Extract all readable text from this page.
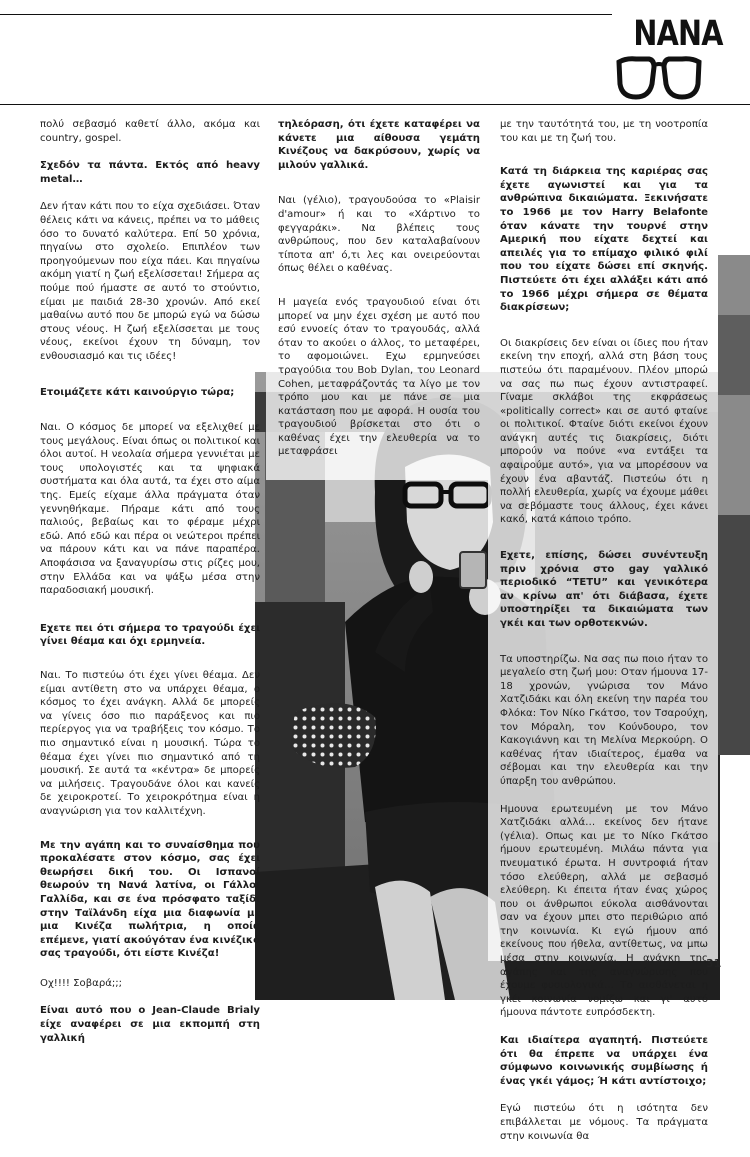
NANA

πολύ σεβασμό καθετί άλλο, ακόμα και country, gospel.

Σχεδόν τα πάντα. Εκτός από heavy metal…

Δεν ήταν κάτι που το είχα σχεδιάσει. Όταν θέλεις κάτι να κάνεις, πρέπει να το μάθεις όσο το δυνατό καλύτερα. Επί 50 χρόνια, πηγαίνω στο σχολείο. Επιπλέον των προηγούμενων που είχα πάει. Και πηγαίνω ακόμη γιατί η ζωή εξελίσσεται! Σήμερα ας πούμε πού ήμαστε σε αυτό το στούντιο, είμαι με παιδιά 28-30 χρονών. Από εκεί μαθαίνω αυτό που δε μπορώ εγώ να δώσω στους νέους. Η ζωή εξελίσσεται με τους νέους, εκείνοι έχουν τη δύναμη, τον ενθουσιασμό και τις ιδέες!

Ετοιμάζετε κάτι καινούργιο τώρα;

Ναι. Ο κόσμος δε μπορεί να εξελιχθεί με τους μεγάλους. Είναι όπως οι πολιτικοί και όλοι αυτοί. Η νεολαία σήμερα γεννιέται με τους υπολογιστές και τα ψηφιακά συστήματα και όλα αυτά, τα έχει στο αίμα της. Εμείς είχαμε άλλα πράγματα όταν γεννηθήκαμε. Πήραμε κάτι από τους παλιούς, βεβαίως και το φέραμε μέχρι εδώ. Από εδώ και πέρα οι νεώτεροι πρέπει να πάρουν κάτι και να πάνε παραπέρα. Αποφάσισα να ξαναγυρίσω στις ρίζες μου, στην Ελλάδα και να ψάξω μέσα στην παραδοσιακή μουσική.

Εχετε πει ότι σήμερα το τραγούδι έχει γίνει θέαμα και όχι ερμηνεία.

Ναι. Το πιστεύω ότι έχει γίνει θέαμα. Δεν είμαι αντίθετη στο να υπάρχει θέαμα, ο κόσμος το έχει ανάγκη. Αλλά δε μπορείς να γίνεις όσο πιο παράξενος και πιο περίεργος για να τραβήξεις τον κόσμο. Το πιο σημαντικό είναι η μουσική. Τώρα το θέαμα έχει γίνει πιο σημαντικό από τη μουσική. Σε αυτά τα «κέντρα» δε μπορείς να μιλήσεις. Τραγουδάνε όλοι και κανείς δε χειροκροτεί. Το χειροκρότημα είναι η αναγνώριση για τον καλλιτέχνη.

Με την αγάπη και το συναίσθημα που προκαλέσατε στον κόσμο, σας έχει θεωρήσει δική του. Οι Ισπανοί θεωρούν τη Νανά λατίνα, οι Γάλλοι Γαλλίδα, και σε ένα πρόσφατο ταξίδι στην Ταϊλάνδη είχα μια διαφωνία με μια Κινέζα πωλήτρια, η οποία επέμενε, γιατί ακούγόταν ένα κινέζικό σας τραγούδι, ότι είστε Κινέζα!

Οχ!!!! Σοβαρά;;;

Είναι αυτό που ο Jean-Claude Brialy είχε αναφέρει σε μια εκπομπή στη γαλλική

τηλεόραση, ότι έχετε καταφέρει να κάνετε μια αίθουσα γεμάτη Κινέζους να δακρύσουν, χωρίς να μιλούν γαλλικά.

Ναι (γέλιο), τραγουδούσα το «Plaisir d'amour» ή και το «Χάρτινο το φεγγαράκι». Να βλέπεις τους ανθρώπους, που δεν καταλαβαίνουν τίποτα απ' ό,τι λες και ονειρεύονται όπως θέλει ο καθένας.

Η μαγεία ενός τραγουδιού είναι ότι μπορεί να μην έχει σχέση με αυτό που εσύ εννοείς όταν το τραγουδάς, αλλά όταν το ακούει ο άλλος, το μεταφέρει, το αφομοιώνει. Εχω ερμηνεύσει τραγούδια του Bob Dylan, του Leonard Cohen, μεταφράζοντάς τα λίγο με τον τρόπο μου και με πάνε σε μια κατάσταση που με αφορά. Η ουσία του τραγουδιού βρίσκεται στο ότι ο καθένας έχει την ελευθερία να το μεταφράσει

με την ταυτότητά του, με τη νοοτροπία του και με τη ζωή του.

Κατά τη διάρκεια της καριέρας σας έχετε αγωνιστεί και για τα ανθρώπινα δικαιώματα. Ξεκινήσατε το 1966 με τον Harry Belafonte όταν κάνατε την τουρνέ στην Αμερική που είχατε δεχτεί και απειλές για το επίμαχο φιλικό φιλί που του είχατε δώσει επί σκηνής. Πιστεύετε ότι έχει αλλάξει κάτι από το 1966 μέχρι σήμερα σε θέματα διακρίσεων;

Οι διακρίσεις δεν είναι οι ίδιες που ήταν εκείνη την εποχή, αλλά στη βάση τους πιστεύω ότι παραμένουν. Πλέον μπορώ να σας πω πως έχουν αντιστραφεί. Γίναμε σκλάβοι της εκφράσεως «politically correct» και σε αυτό φταίνε οι πολιτικοί. Φταίνε διότι εκείνοι έχουν ανάγκη αυτές τις διακρίσεις, διότι μπορούν να πούνε «να εντάξει τα αφαιρούμε αυτό», για να μπορέσουν να έχουν ένα αβαντάζ. Πιστεύω ότι η πολλή ελευθερία, χωρίς να έχουμε μάθει να σεβόμαστε τους άλλους, έχει κάνει κακό, κατά κάποιο τρόπο.

Εχετε, επίσης, δώσει συνέντευξη πριν χρόνια στο gay γαλλικό περιοδικό “TETU” και γενικότερα αν κρίνω απ' ότι διάβασα, έχετε υποστηρίξει τα δικαιώματα των γκέι και των ορθοτεκνών.

Τα υποστηρίζω. Να σας πω ποιο ήταν το μεγαλείο στη ζωή μου: Οταν ήμουνα 17-18 χρονών, γνώρισα τον Μάνο Χατζιδάκι και όλη εκείνη την παρέα του Φλόκα: Τον Νίκο Γκάτσο, τον Τσαρούχη, τον Μόραλη, τον Κούνδουρο, τον Κακογιάννη και τη Μελίνα Μερκούρη. Ο καθένας ήταν ιδιαίτερος, έμαθα να σέβομαι και την ελευθερία και την ύπαρξη του ανθρώπου.

Ημουνα ερωτευμένη με τον Μάνο Χατζιδάκι αλλά… εκείνος δεν ήτανε (γέλια). Οπως και με το Νίκο Γκάτσο ήμουν ερωτευμένη. Μιλάω πάντα για πνευματικό έρωτα. Η συντροφιά ήταν τόσο ελεύθερη, αλλά με σεβασμό ελεύθερη. Κι έπειτα ήταν ένας χώρος που οι άνθρωποι εύκολα αισθάνονται σαν να έχουν μπει στο περιθώριο από την κοινωνία. Κι εγώ ήμουν από εκείνους που ήθελα, αντίθετως, να μπω μέσα στην κοινωνία. Η ανάγκη της αγάπης και της αναγνώρισης που έχουμε φυσιολογικά… Το αισθάνεται η γκέι κοινωνία νομίζω και γι' αυτό ήμουνα πάντοτε ευπρόσδεκτη.

Και ιδιαίτερα αγαπητή. Πιστεύετε ότι θα έπρεπε να υπάρχει ένα σύμφωνο κοινωνικής συμβίωσης ή ένας γκέι γάμος; Ή κάτι αντίστοιχο;

Εγώ πιστεύω ότι η ισότητα δεν επιβάλλεται με νόμους. Τα πράγματα στην κοινωνία θα

31
